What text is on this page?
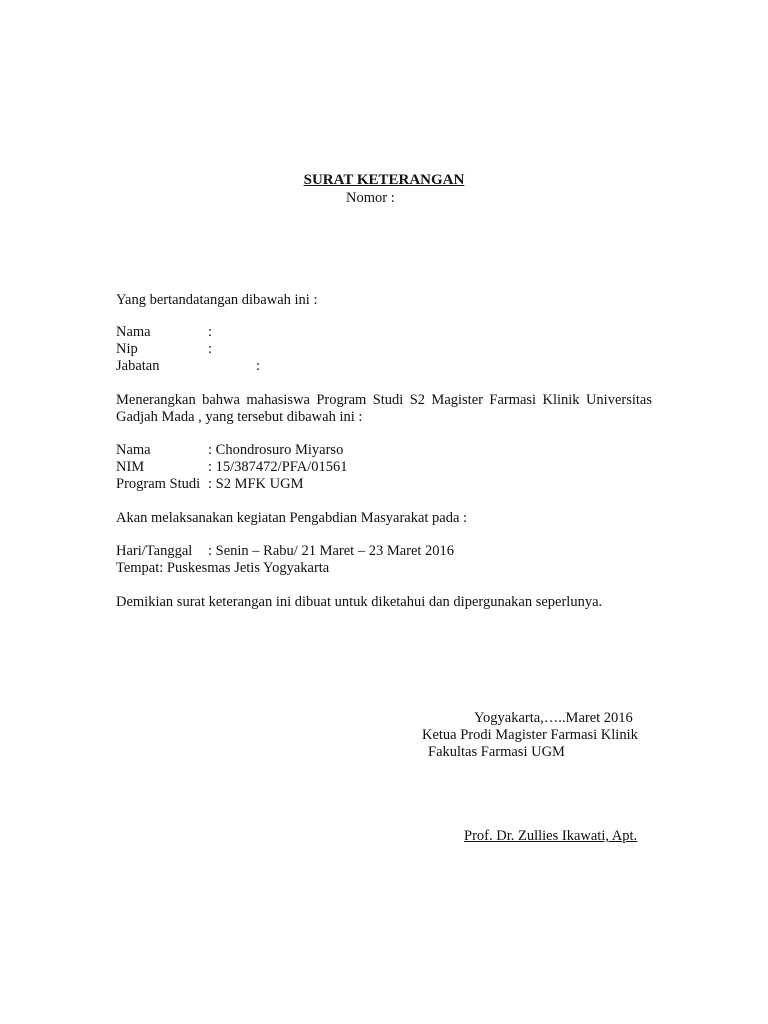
SURAT KETERANGAN
Nomor :
Yang bertandatangan dibawah ini :
Nama	:
Nip	:
Jabatan	:
Menerangkan bahwa mahasiswa Program Studi S2 Magister Farmasi Klinik Universitas Gadjah Mada , yang tersebut dibawah ini :
Nama	: Chondrosuro Miyarso
NIM	: 15/387472/PFA/01561
Program Studi : S2 MFK UGM
Akan melaksanakan kegiatan Pengabdian Masyarakat pada :
Hari/Tanggal : Senin – Rabu/ 21 Maret – 23 Maret 2016
Tempat: Puskesmas Jetis Yogyakarta
Demikian surat keterangan ini dibuat untuk diketahui dan dipergunakan seperlunya.
Yogyakarta,…..Maret 2016
Ketua Prodi Magister Farmasi Klinik
Fakultas Farmasi UGM
Prof. Dr. Zullies Ikawati, Apt.
